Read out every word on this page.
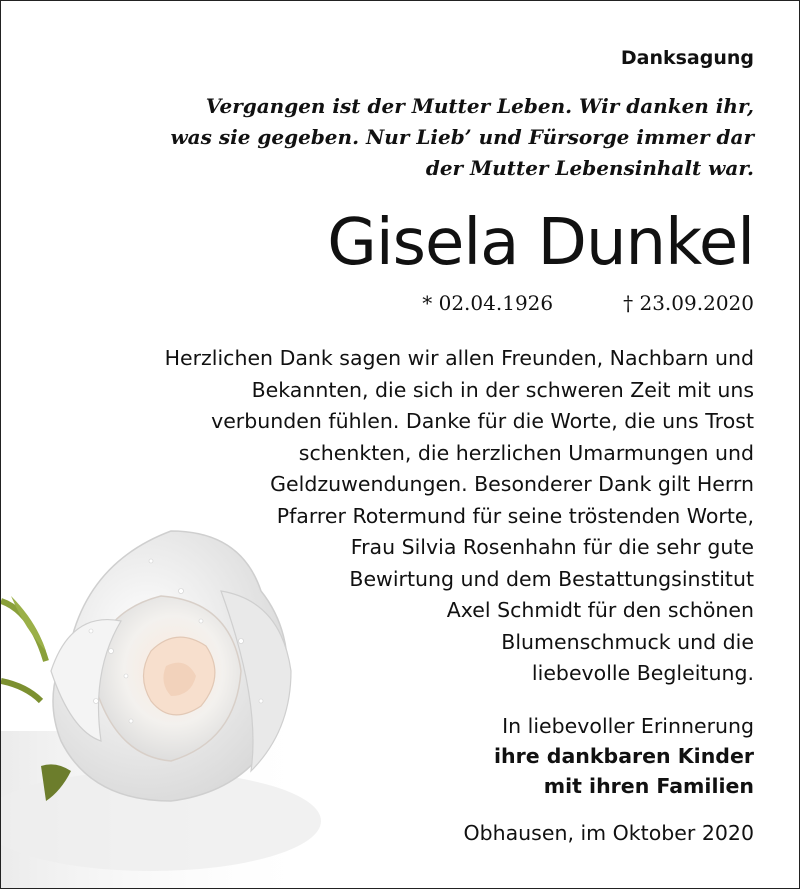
Danksagung
Vergangen ist der Mutter Leben. Wir danken ihr,
was sie gegeben. Nur Lieb’ und Fürsorge immer dar
der Mutter Lebensinhalt war.
Gisela Dunkel
* 02.04.1926	† 23.09.2020
Herzlichen Dank sagen wir allen Freunden, Nachbarn und
Bekannten, die sich in der schweren Zeit mit uns
verbunden fühlen. Danke für die Worte, die uns Trost
schenkten, die herzlichen Umarmungen und
Geldzuwendungen. Besonderer Dank gilt Herrn
Pfarrer Rotermund für seine tröstenden Worte,
Frau Silvia Rosenhahn für die sehr gute
Bewirtung und dem Bestattungsinstitut
Axel Schmidt für den schönen
Blumenschmuck und die
liebevolle Begleitung.
In liebevoller Erinnerung
ihre dankbaren Kinder
mit ihren Familien
Obhausen, im Oktober 2020
